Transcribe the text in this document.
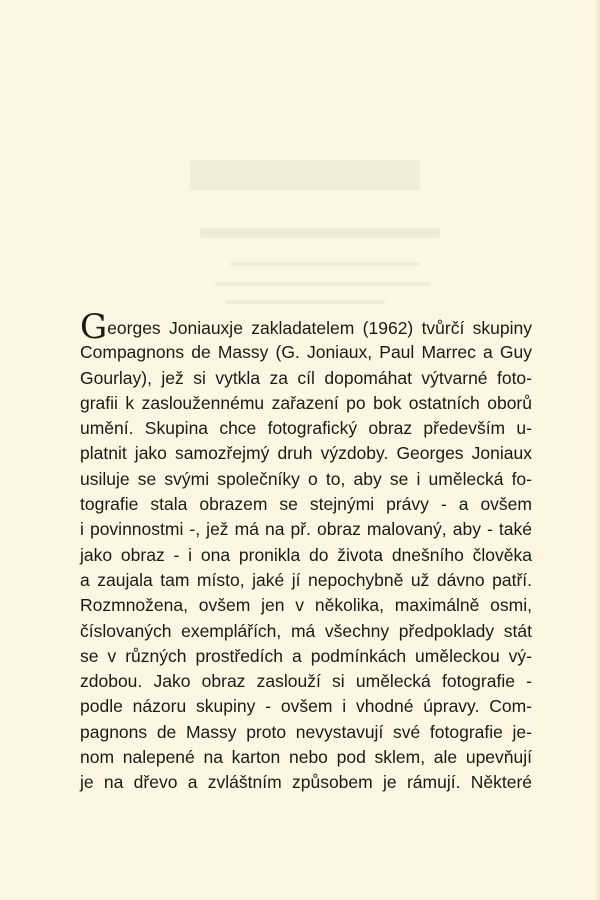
Georges Joniauxje zakladatelem (1962) tvůrčí skupiny
Compagnons de Massy (G. Joniaux, Paul Marrec a Guy
Gourlay), jež si vytkla za cíl dopomáhat výtvarné foto-
grafii k zasloužennému zařazení po bok ostatních oborů
umění. Skupina chce fotografický obraz především u-
platnit jako samozřejmý druh výzdoby. Georges Joniaux
usiluje se svými společníky o to, aby se i umělecká fo-
tografie stala obrazem se stejnými právy - a ovšem
i povinnostmi -, jež má na př. obraz malovaný, aby - také
jako obraz - i ona pronikla do života dnešního člověka
a zaujala tam místo, jaké jí nepochybně už dávno patří.
Rozmnožena, ovšem jen v několika, maximálně osmi,
číslovaných exemplářích, má všechny předpoklady stát
se v různých prostředích a podmínkách uměleckou vý-
zdobou. Jako obraz zaslouží si umělecká fotografie -
podle názoru skupiny - ovšem i vhodné úpravy. Com-
pagnons de Massy proto nevystavují své fotografie je-
nom nalepené na karton nebo pod sklem, ale upevňují
je na dřevo a zvláštním způsobem je rámují. Některé
